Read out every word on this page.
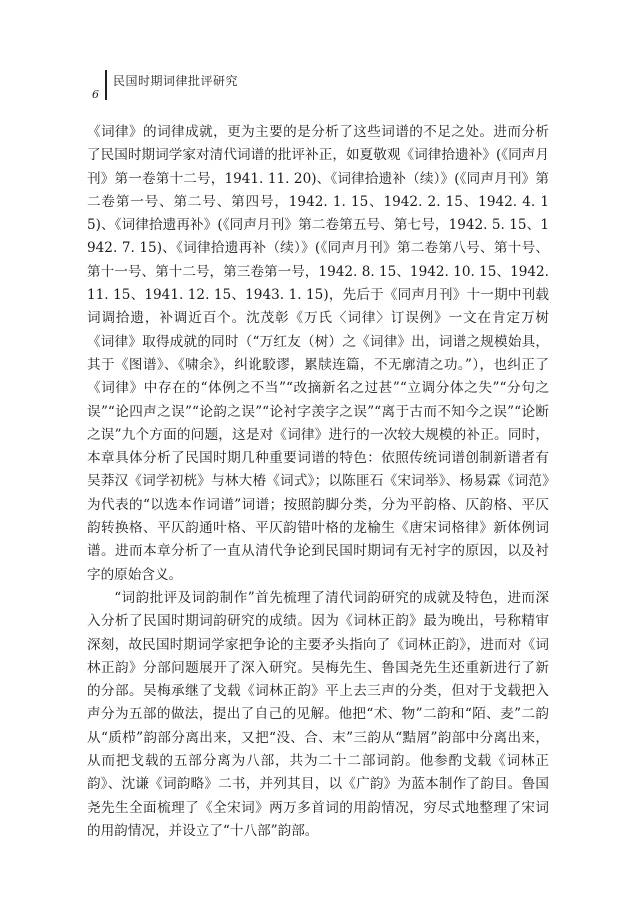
6
民国时期词律批评研究

《词律》的词律成就，更为主要的是分析了这些词谱的不足之处。进而分析了民国时期词学家对清代词谱的批评补正，如夏敬观《词律拾遗补》(《同声月刊》第一卷第十二号，1941. 11. 20)、《词律拾遗补（续）》(《同声月刊》第二卷第一号、第二号、第四号，1942. 1. 15、1942. 2. 15、1942. 4. 15)、《词律拾遗再补》(《同声月刊》第二卷第五号、第七号，1942. 5. 15、1942. 7. 15)、《词律拾遗再补（续）》(《同声月刊》第二卷第八号、第十号、第十一号、第十二号，第三卷第一号，1942. 8. 15、1942. 10. 15、1942. 11. 15、1941. 12. 15、1943. 1. 15)，先后于《同声月刊》十一期中刊载词调拾遗，补调近百个。沈茂彰《万氏〈词律〉订误例》一文在肯定万树《词律》取得成就的同时（“万红友（树）之《词律》出，词谱之规模始具，其于《图谱》、《啸余》，纠讹駮谬，累牍连篇，不无廓清之功。”），也纠正了《词律》中存在的“体例之不当”“改摘新名之过甚”“立调分体之失”“分句之误”“论四声之误”“论韵之误”“论衬字羡字之误”“离于古而不知今之误”“论断之误”九个方面的问题，这是对《词律》进行的一次较大规模的补正。同时，本章具体分析了民国时期几种重要词谱的特色：依照传统词谱创制新谱者有吴莽汉《词学初桄》与林大椿《词式》；以陈匪石《宋词举》、杨易霖《词范》为代表的“以选本作词谱”词谱；按照韵脚分类，分为平韵格、仄韵格、平仄韵转换格、平仄韵通叶格、平仄韵错叶格的龙榆生《唐宋词格律》新体例词谱。进而本章分析了一直从清代争论到民国时期词有无衬字的原因，以及衬字的原始含义。

“词韵批评及词韵制作”首先梳理了清代词韵研究的成就及特色，进而深入分析了民国时期词韵研究的成绩。因为《词林正韵》最为晚出，号称精审深刻，故民国时期词学家把争论的主要矛头指向了《词林正韵》，进而对《词林正韵》分部问题展开了深入研究。吴梅先生、鲁国尧先生还重新进行了新的分部。吴梅承继了戈载《词林正韵》平上去三声的分类，但对于戈载把入声分为五部的做法，提出了自己的见解。他把“术、物”二韵和“陌、麦”二韵从“质栉”韵部分离出来，又把“没、合、末”三韵从“黠屑”韵部中分离出来，从而把戈载的五部分离为八部，共为二十二部词韵。他参酌戈载《词林正韵》、沈谦《词韵略》二书，并列其目，以《广韵》为蓝本制作了韵目。鲁国尧先生全面梳理了《全宋词》两万多首词的用韵情况，穷尽式地整理了宋词的用韵情况，并设立了“十八部”韵部。
